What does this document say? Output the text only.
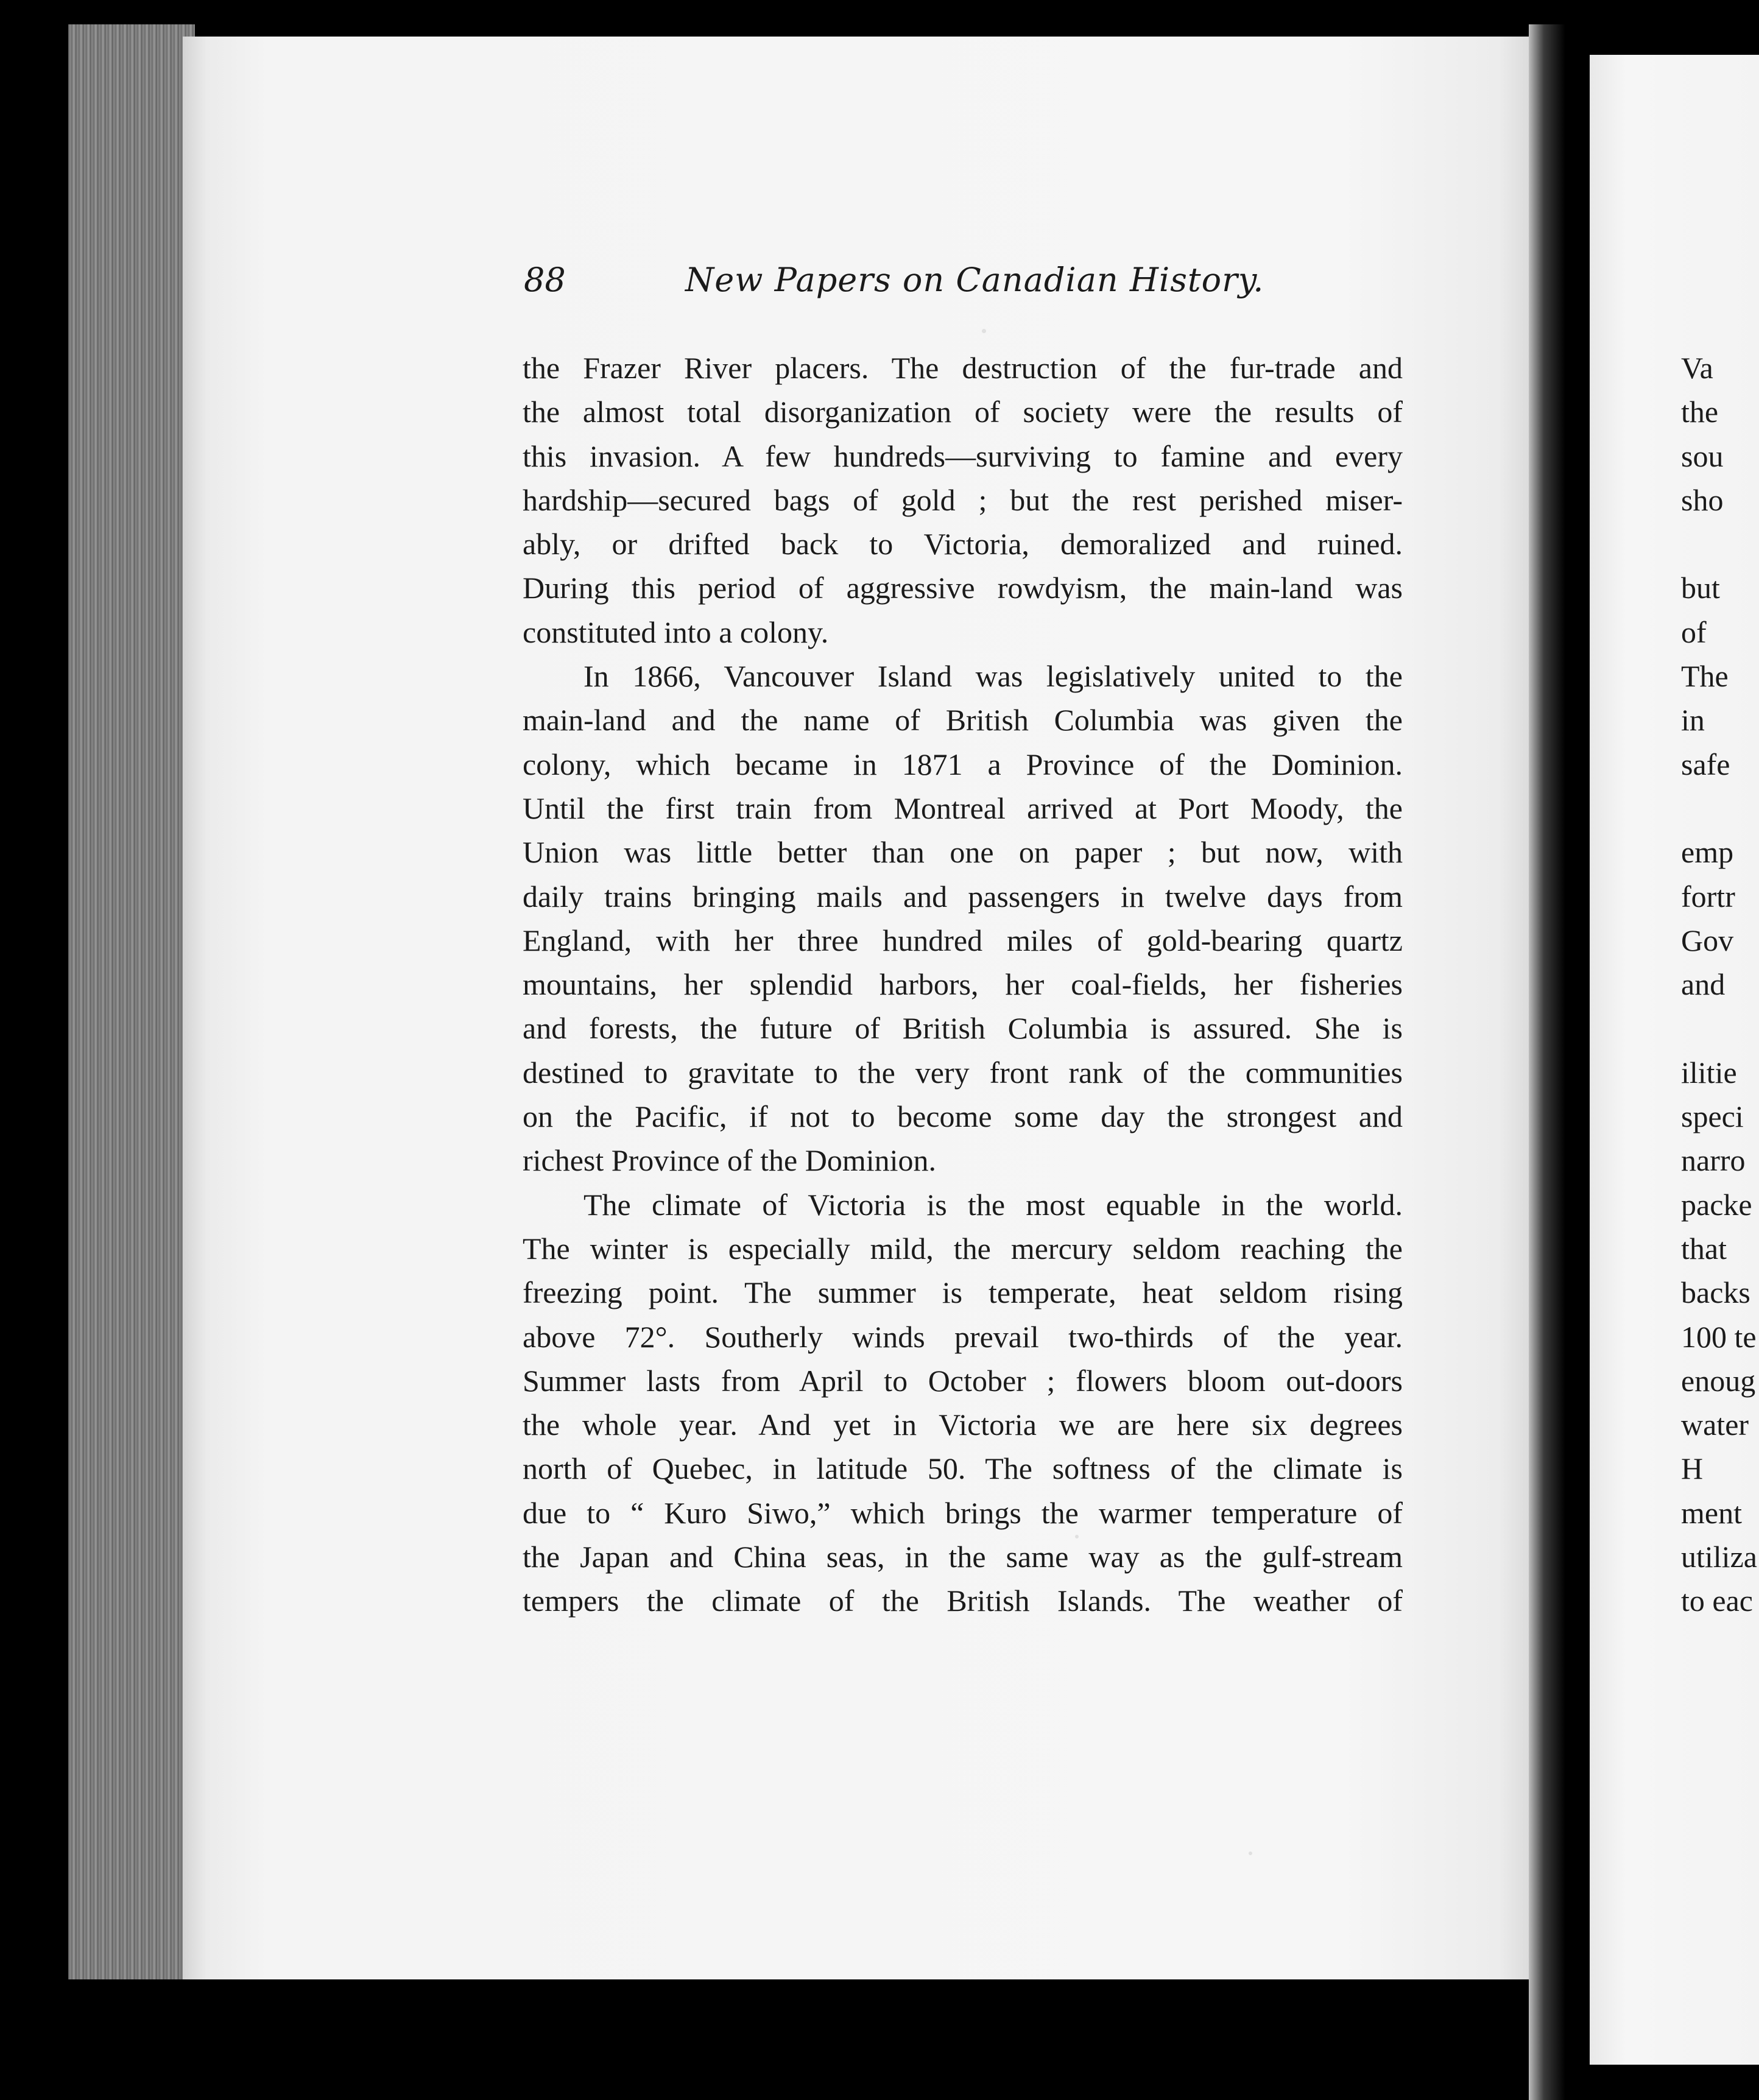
88	New Papers on Canadian History.
the Frazer River placers. The destruction of the fur-trade and
the almost total disorganization of society were the results of
this invasion. A few hundreds—surviving to famine and every
hardship—secured bags of gold ; but the rest perished miser-
ably, or drifted back to Victoria, demoralized and ruined.
During this period of aggressive rowdyism, the main-land was
constituted into a colony.
In 1866, Vancouver Island was legislatively united to the
main-land and the name of British Columbia was given the
colony, which became in 1871 a Province of the Dominion.
Until the first train from Montreal arrived at Port Moody, the
Union was little better than one on paper ; but now, with
daily trains bringing mails and passengers in twelve days from
England, with her three hundred miles of gold-bearing quartz
mountains, her splendid harbors, her coal-fields, her fisheries
and forests, the future of British Columbia is assured. She is
destined to gravitate to the very front rank of the communities
on the Pacific, if not to become some day the strongest and
richest Province of the Dominion.
The climate of Victoria is the most equable in the world.
The winter is especially mild, the mercury seldom reaching the
freezing point. The summer is temperate, heat seldom rising
above 72°. Southerly winds prevail two-thirds of the year.
Summer lasts from April to October ; flowers bloom out-doors
the whole year. And yet in Victoria we are here six degrees
north of Quebec, in latitude 50. The softness of the climate is
due to “ Kuro Siwo,” which brings the warmer temperature of
the Japan and China seas, in the same way as the gulf-stream
tempers the climate of the British Islands. The weather of
Va
the
sou
sho
but
of
The
in
safe
emp
fortr
Gov
and
ilitie
speci
narro
packe
that
backs
100 te
enoug
water
H
ment
utiliza
to eac
